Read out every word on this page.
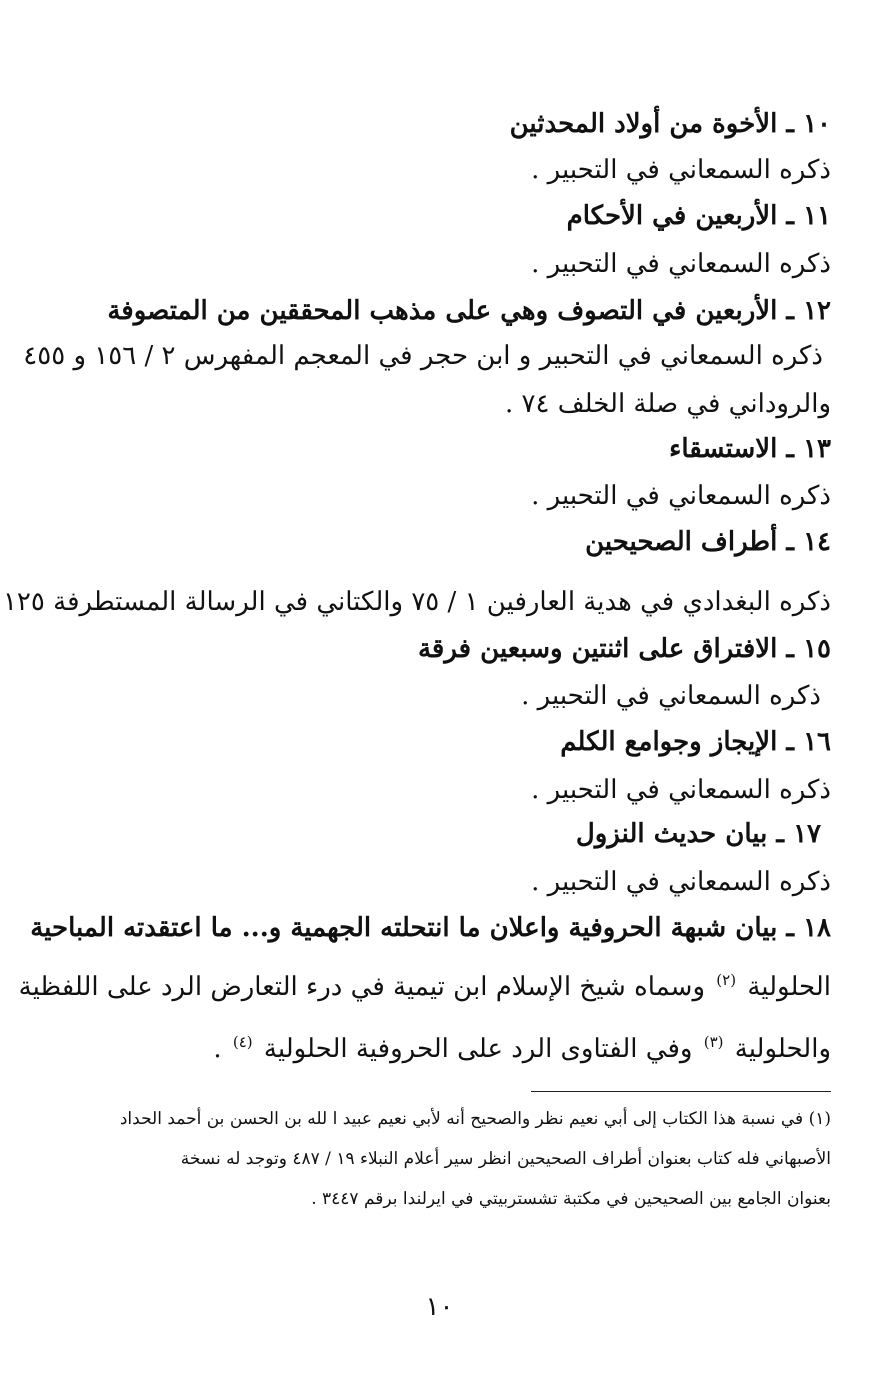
١٠ ـ الأخوة من أولاد المحدثين
ذكره السمعاني في التحبير .
١١ ـ الأربعين في الأحكام
ذكره السمعاني في التحبير .
١٢ ـ الأربعين في التصوف وهي على مذهب المحققين من المتصوفة
ذكره السمعاني في التحبير و ابن حجر في المعجم المفهرس ٢ / ١٥٦ و ٤٥٥
والروداني في صلة الخلف ٧٤ .
١٣ ـ الاستسقاء
ذكره السمعاني في التحبير .
١٤ ـ أطراف الصحيحين
ذكره البغدادي في هدية العارفين ١ / ٧٥ والكتاني في الرسالة المستطرفة ١٢٥
١٥ ـ الافتراق على اثنتين وسبعين فرقة
ذكره السمعاني في التحبير .
١٦ ـ الإيجاز وجوامع الكلم
ذكره السمعاني في التحبير .
١٧ ـ بيان حديث النزول
ذكره السمعاني في التحبير .
١٨ ـ بيان شبهة الحروفية واعلان ما انتحلته الجهمية و... ما اعتقدته المباحية
الحلولية $^{(٢)}$ وسماه شيخ الإسلام ابن تيمية في درء التعارض الرد على اللفظية
والحلولية $^{(٣)}$ وفي الفتاوى الرد على الحروفية الحلولية $^{(٤)}$ .
(١) في نسبة هذا الكتاب إلى أبي نعيم نظر والصحيح أنه لأبي نعيم عبيد ا لله بن الحسن بن أحمد الحداد
الأصبهاني فله كتاب بعنوان أطراف الصحيحين انظر سير أعلام النبلاء ١٩ / ٤٨٧ وتوجد له نسخة
بعنوان الجامع بين الصحيحين في مكتبة تشستربيتي في ايرلندا برقم ٣٤٤٧ .
١٠
